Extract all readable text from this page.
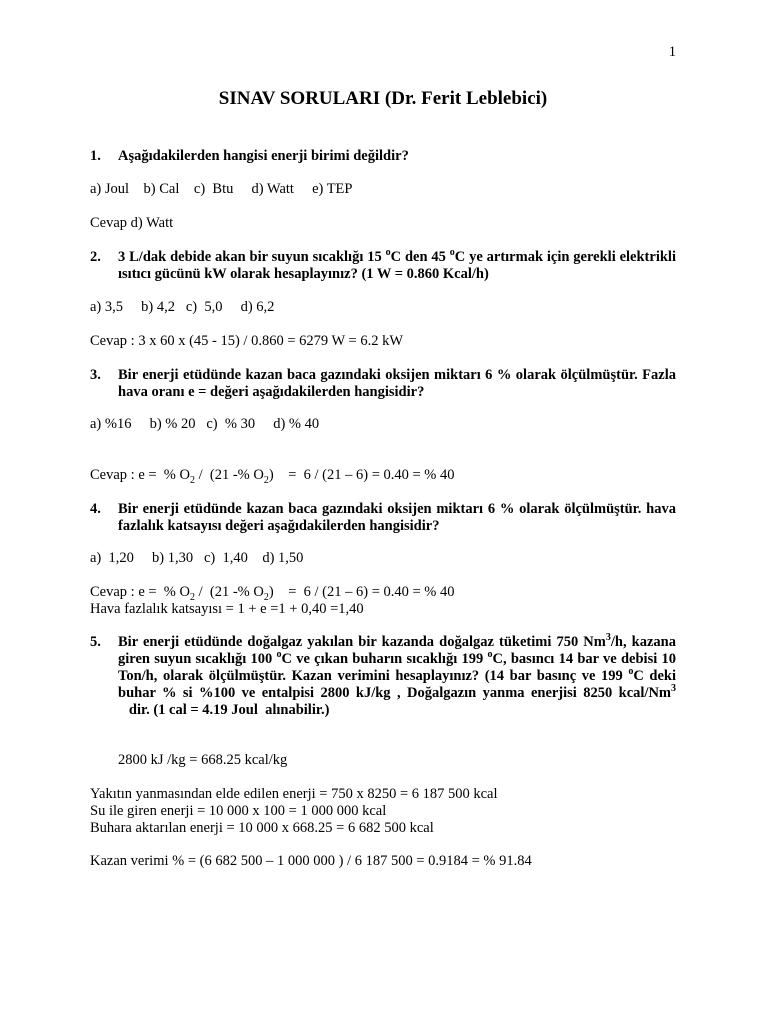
1
SINAV SORULARI (Dr. Ferit Leblebici)
1. Aşağıdakilerden hangisi enerji birimi değildir?
a) Joul    b) Cal    c)  Btu     d) Watt     e) TEP
Cevap d) Watt
2. 3 L/dak debide akan bir suyun sıcaklığı 15 $^o$C den 45 $^o$C ye artırmak için gerekli elektrikli ısıtıcı gücünü kW olarak hesaplayınız? (1 W = 0.860 Kcal/h)
a) 3,5     b) 4,2   c)  5,0     d) 6,2
Cevap : 3 x 60 x (45 - 15) / 0.860 = 6279 W = 6.2 kW
3. Bir enerji etüdünde kazan baca gazındaki oksijen miktarı 6 % olarak ölçülmüştür. Fazla hava oranı e = değeri aşağıdakilerden hangisidir?
a) %16     b) % 20   c)  % 30     d) % 40
Cevap : e =  % $O_2 / (21$ -% $O_2$)    =  6 / (21 – 6) = 0.40 = % 40
4. Bir enerji etüdünde kazan baca gazındaki oksijen miktarı 6 % olarak ölçülmüştür. hava fazlalık katsayısı değeri aşağıdakilerden hangisidir?
a)  1,20     b) 1,30   c)  1,40    d) 1,50
Cevap : e =  % $O_2 / (21$ -% $O_2$)    =  6 / (21 – 6) = 0.40 = % 40
Hava fazlalık katsayısı = 1 + e =1 + 0,40 =1,40
5. Bir enerji etüdünde doğalgaz yakılan bir kazanda doğalgaz tüketimi 750 Nm$^3$/h, kazana giren suyun sıcaklığı 100 $^o$C ve çıkan buharın sıcaklığı 199 $^o$C, basıncı 14 bar ve debisi 10 Ton/h, olarak ölçülmüştür. Kazan verimini hesaplayınız? (14 bar basınç ve 199 $^o$C deki buhar % si %100 ve entalpisi 2800 kJ/kg , Doğalgazın yanma enerjisi 8250 kcal/Nm$^3$   dir. (1 cal = 4.19 Joul  alınabilir.)
2800 kJ /kg = 668.25 kcal/kg
Yakıtın yanmasından elde edilen enerji = 750 x 8250 = 6 187 500 kcal
Su ile giren enerji = 10 000 x 100 = 1 000 000 kcal
Buhara aktarılan enerji = 10 000 x 668.25 = 6 682 500 kcal
Kazan verimi % = (6 682 500 – 1 000 000 ) / 6 187 500 = 0.9184 = % 91.84
